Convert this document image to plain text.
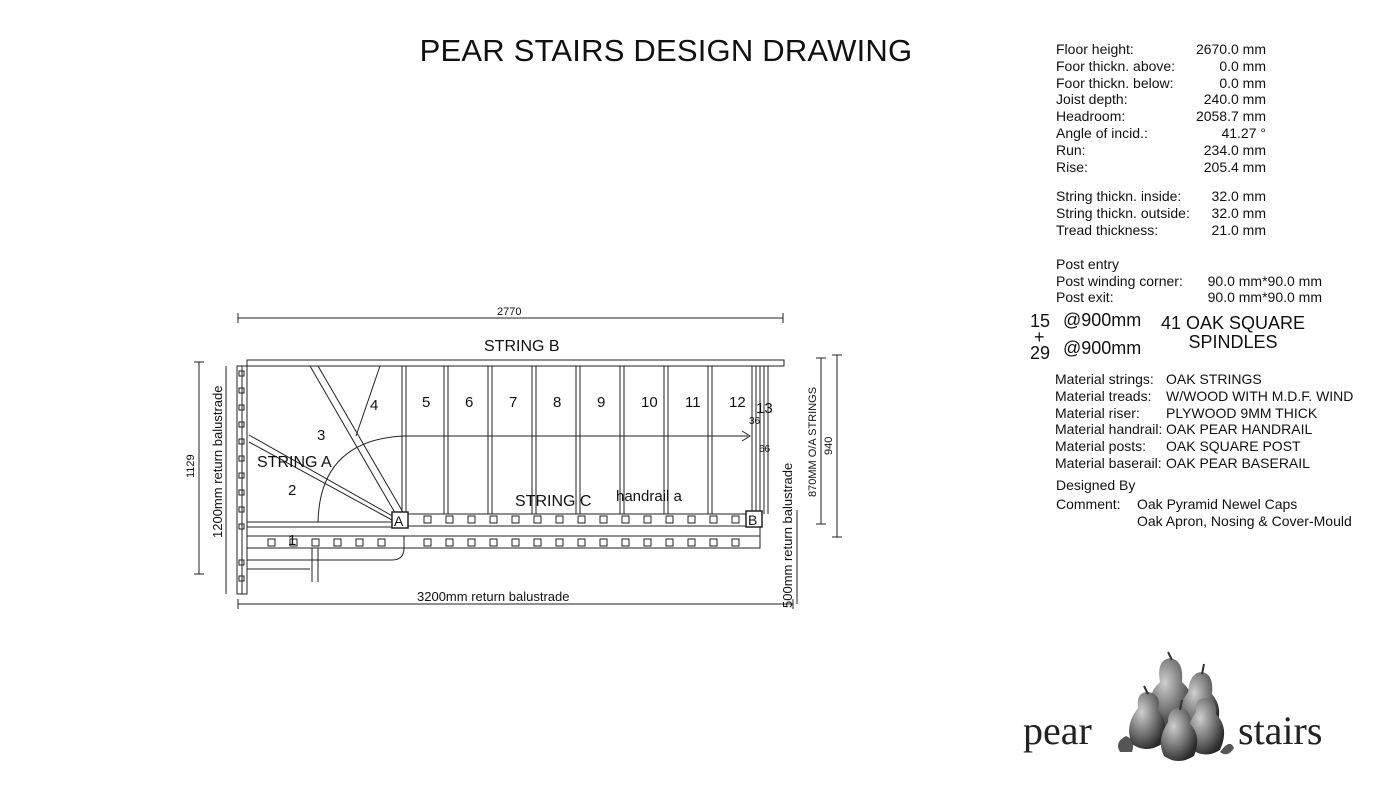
PEAR STAIRS DESIGN DRAWING
2770
STRING B
A	B
1
2
3
4	5 6 7 8 9 10 11 12 13
STRING A
STRING C handrail a
36
66
1129 1200mm return balustrade
3200mm return balustrade	500mm return balustrade
870MM O/A STRINGS 940
Floor height:	2670.0 mm
Foor thickn. above:	0.0 mm
Foor thickn. below:	0.0 mm
Joist depth:	240.0 mm
Headroom:	2058.7 mm
Angle of incid.:	41.27 °
Run:	234.0 mm
Rise:	205.4 mm
String thickn. inside: 32.0 mm
String thickn. outside: 32.0 mm
Tread thickness:	21.0 mm
Post entry
Post winding corner:	90.0 mm*90.0 mm
Post exit:	90.0 mm*90.0 mm
15
+
29
@900mm
@900mm
41 OAK SQUARE
SPINDLES
Material strings: OAK STRINGS
Material treads:	W/WOOD WITH M.D.F. WIND
Material riser:	PLYWOOD 9MM THICK
Material handrail: OAK PEAR HANDRAIL
Material posts:	OAK SQUARE POST
Material baserail: OAK PEAR BASERAIL
Designed By
Comment: Oak Pyramid Newel Caps
Oak Apron, Nosing & Cover-Mould
pear	stairs
